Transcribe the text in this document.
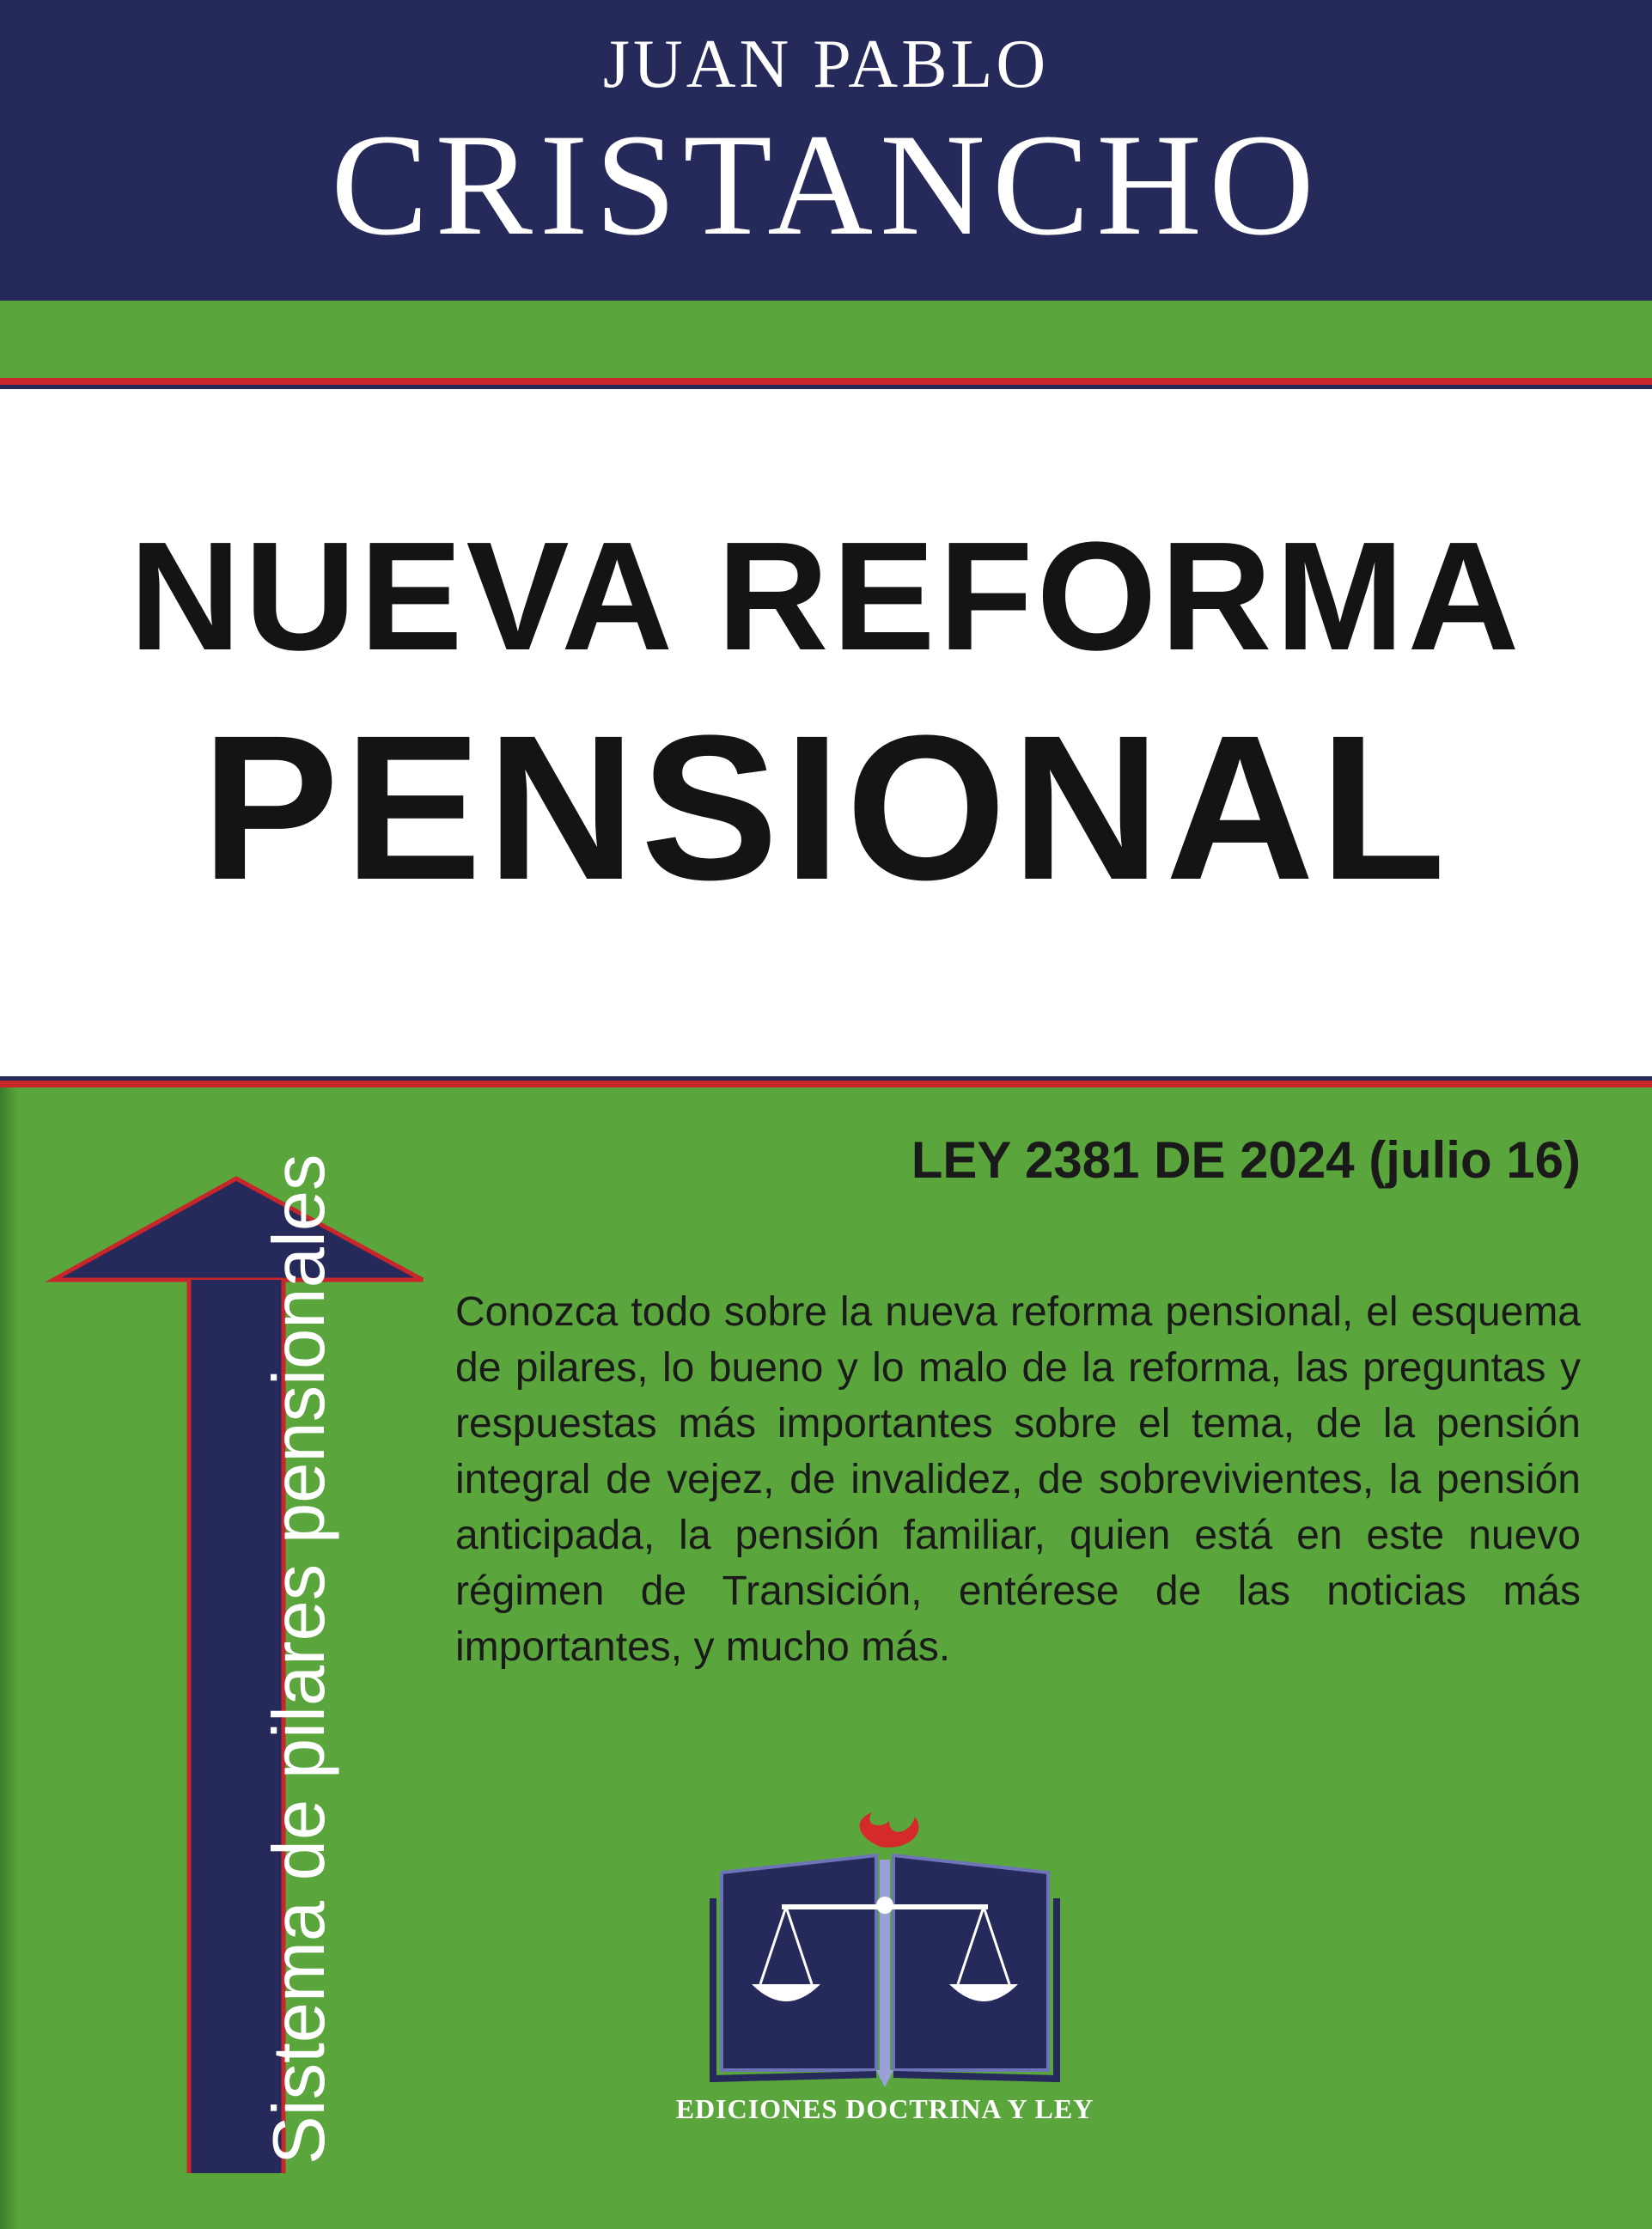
JUAN PABLO
CRISTANCHO
NUEVA REFORMA
PENSIONAL
LEY 2381 DE 2024 (julio 16)
Sistema de pilares pensionales	Conozca todo sobre la nueva reforma pensional, el esquema de pilares, lo bueno y lo malo de la reforma, las preguntas y respuestas más importantes sobre el tema, de la pensión integral de vejez, de invalidez, de sobrevivientes, la pensión anticipada, la pensión familiar, quien está en este nuevo régimen de Transición, entérese de las noticias más importantes, y mucho más.
EDICIONES DOCTRINA Y LEY
